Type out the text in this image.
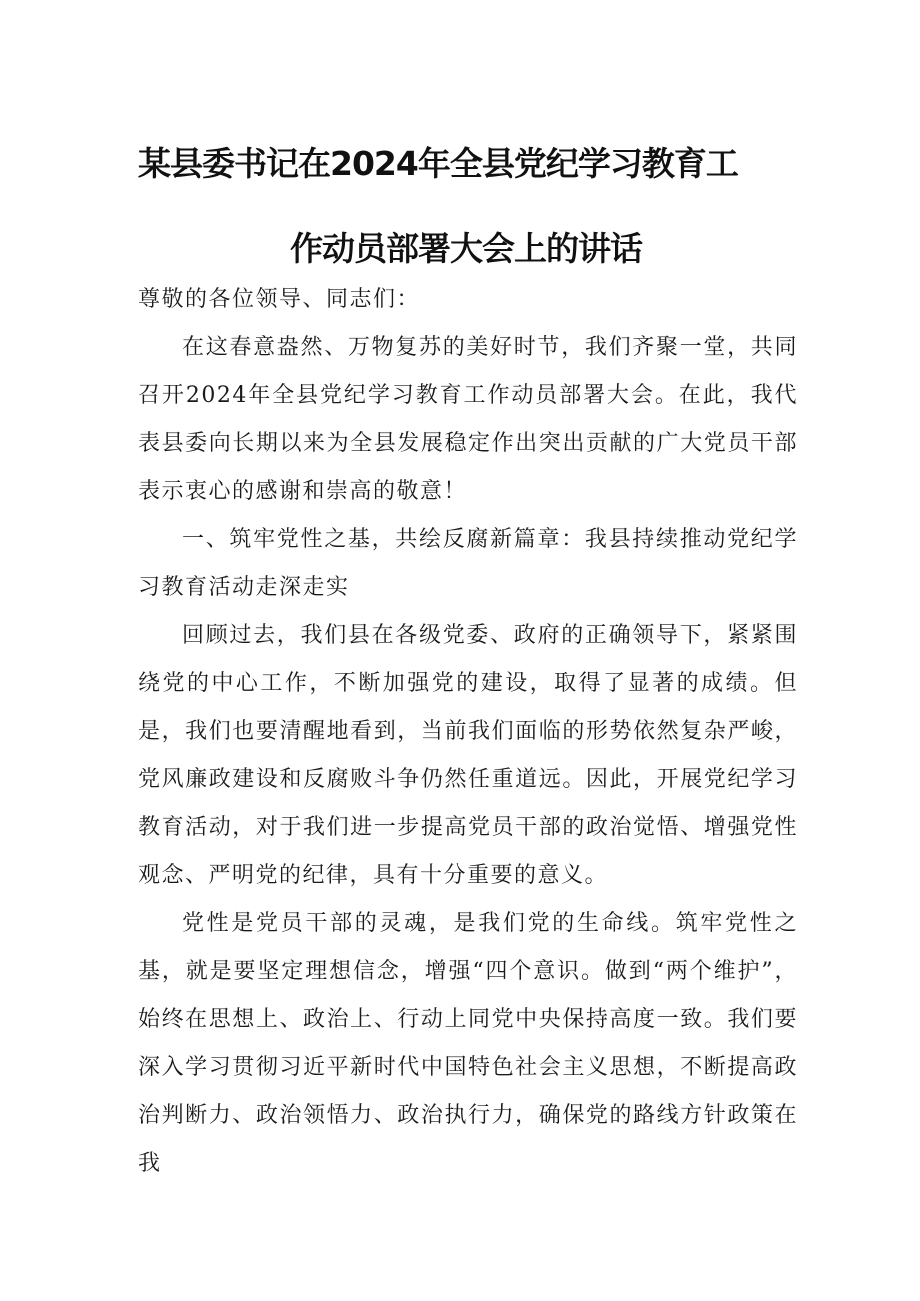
某县委书记在2024年全县党纪学习教育工
作动员部署大会上的讲话

尊敬的各位领导、同志们：

在这春意盎然、万物复苏的美好时节，我们齐聚一堂，共同召开2024年全县党纪学习教育工作动员部署大会。在此，我代表县委向长期以来为全县发展稳定作出突出贡献的广大党员干部表示衷心的感谢和崇高的敬意！

一、筑牢党性之基，共绘反腐新篇章：我县持续推动党纪学习教育活动走深走实

回顾过去，我们县在各级党委、政府的正确领导下，紧紧围绕党的中心工作，不断加强党的建设，取得了显著的成绩。但是，我们也要清醒地看到，当前我们面临的形势依然复杂严峻，党风廉政建设和反腐败斗争仍然任重道远。因此，开展党纪学习教育活动，对于我们进一步提高党员干部的政治觉悟、增强党性观念、严明党的纪律，具有十分重要的意义。

党性是党员干部的灵魂，是我们党的生命线。筑牢党性之基，就是要坚定理想信念，增强“四个意识。做到“两个维护”，始终在思想上、政治上、行动上同党中央保持高度一致。我们要深入学习贯彻习近平新时代中国特色社会主义思想，不断提高政治判断力、政治领悟力、政治执行力，确保党的路线方针政策在我
